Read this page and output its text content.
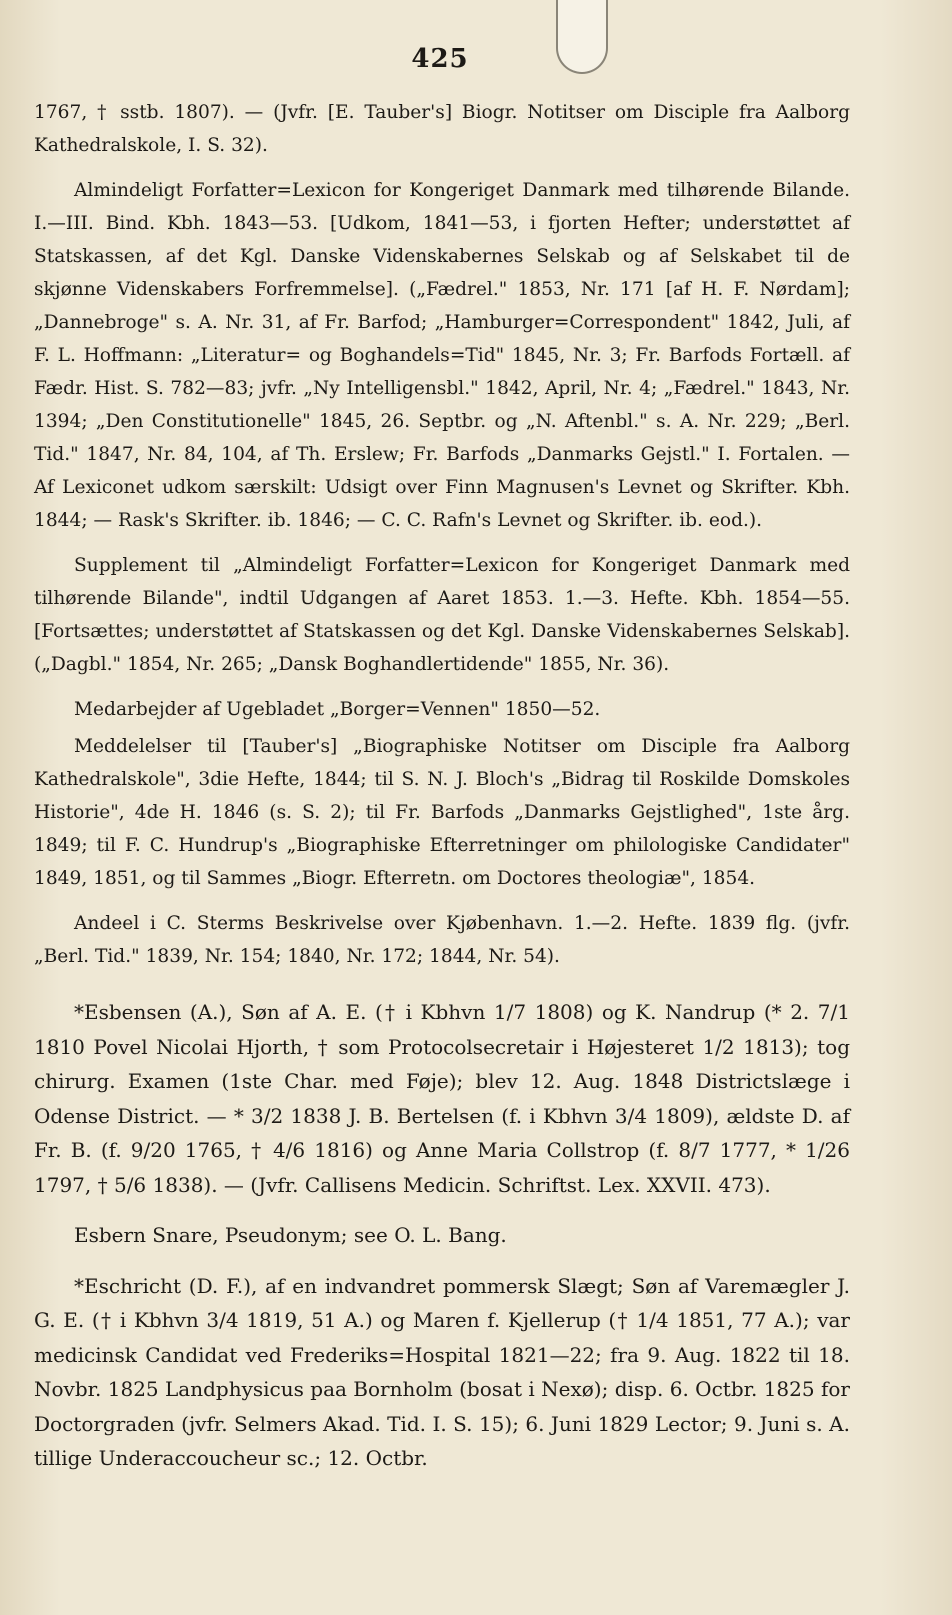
425

1767, † sstb. 1807). — (Jvfr. [E. Tauber's] Biogr. Notitser om Disciple fra Aalborg Kathedralskole, I. S. 32).

Almindeligt Forfatter=Lexicon for Kongeriget Danmark med tilhørende Bilande. I.—III. Bind. Kbh. 1843—53. [Udkom, 1841—53, i fjorten Hefter; understøttet af Statskassen, af det Kgl. Danske Videnskabernes Selskab og af Selskabet til de skjønne Videnskabers Forfremmelse]. („Fædrel." 1853, Nr. 171 [af H. F. Nørdam]; „Dannebroge" s. A. Nr. 31, af Fr. Barfod; „Hamburger=Correspondent" 1842, Juli, af F. L. Hoffmann: „Literatur= og Boghandels=Tid" 1845, Nr. 3; Fr. Barfods Fortæll. af Fædr. Hist. S. 782—83; jvfr. „Ny Intelligensbl." 1842, April, Nr. 4; „Fædrel." 1843, Nr. 1394; „Den Constitutionelle" 1845, 26. Septbr. og „N. Aftenbl." s. A. Nr. 229; „Berl. Tid." 1847, Nr. 84, 104, af Th. Erslew; Fr. Barfods „Danmarks Gejstl." I. Fortalen. — Af Lexiconet udkom særskilt: Udsigt over Finn Magnusen's Levnet og Skrifter. Kbh. 1844; — Rask's Skrifter. ib. 1846; — C. C. Rafn's Levnet og Skrifter. ib. eod.).

Supplement til „Almindeligt Forfatter=Lexicon for Kongeriget Danmark med tilhørende Bilande", indtil Udgangen af Aaret 1853. 1.—3. Hefte. Kbh. 1854—55. [Fortsættes; understøttet af Statskassen og det Kgl. Danske Videnskabernes Selskab]. („Dagbl." 1854, Nr. 265; „Dansk Boghandlertidende" 1855, Nr. 36).

Medarbejder af Ugebladet „Borger=Vennen" 1850—52.

Meddelelser til [Tauber's] „Biographiske Notitser om Disciple fra Aalborg Kathedralskole", 3die Hefte, 1844; til S. N. J. Bloch's „Bidrag til Roskilde Domskoles Historie", 4de H. 1846 (s. S. 2); til Fr. Barfods „Danmarks Gejstlighed", 1ste årg. 1849; til F. C. Hundrup's „Biographiske Efterretninger om philologiske Candidater" 1849, 1851, og til Sammes „Biogr. Efterretn. om Doctores theologiæ", 1854.

Andeel i C. Sterms Beskrivelse over Kjøbenhavn. 1.—2. Hefte. 1839 flg. (jvfr. „Berl. Tid." 1839, Nr. 154; 1840, Nr. 172; 1844, Nr. 54).

*Esbensen (A.), Søn af A. E. († i Kbhvn 1/7 1808) og K. Nandrup (* 2. 7/1 1810 Povel Nicolai Hjorth, † som Protocolsecretair i Højesteret 1/2 1813); tog chirurg. Examen (1ste Char. med Føje); blev 12. Aug. 1848 Districtslæge i Odense District. — * 3/2 1838 J. B. Bertelsen (f. i Kbhvn 3/4 1809), ældste D. af Fr. B. (f. 9/20 1765, † 4/6 1816) og Anne Maria Collstrop (f. 8/7 1777, * 1/26 1797, † 5/6 1838). — (Jvfr. Callisens Medicin. Schriftst. Lex. XXVII. 473).

Esbern Snare, Pseudonym; see O. L. Bang.

*Eschricht (D. F.), af en indvandret pommersk Slægt; Søn af Varemægler J. G. E. († i Kbhvn 3/4 1819, 51 A.) og Maren f. Kjellerup († 1/4 1851, 77 A.); var medicinsk Candidat ved Frederiks=Hospital 1821—22; fra 9. Aug. 1822 til 18. Novbr. 1825 Landphysicus paa Bornholm (bosat i Nexø); disp. 6. Octbr. 1825 for Doctorgraden (jvfr. Selmers Akad. Tid. I. S. 15); 6. Juni 1829 Lector; 9. Juni s. A. tillige Underaccoucheur sc.; 12. Octbr.
